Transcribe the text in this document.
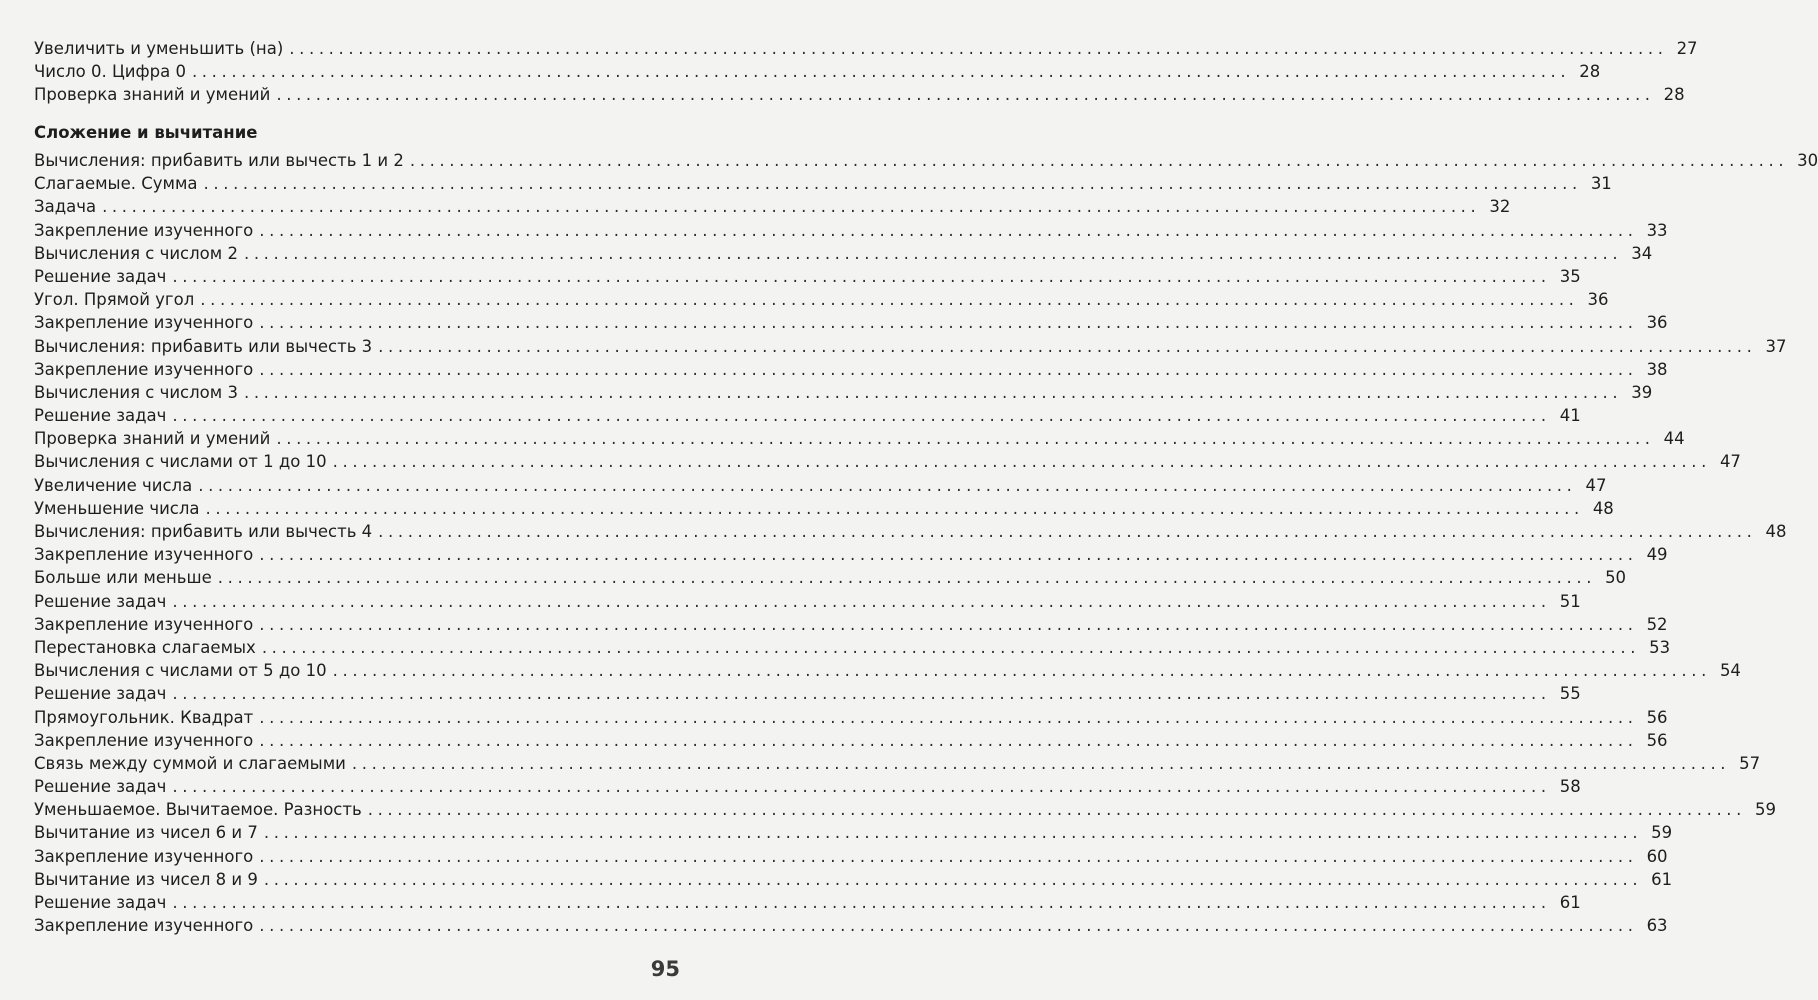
Увеличить и уменьшить (на) ............................................................................................................................................ 27
Число 0. Цифра 0 ............................................................................................................................................ 28
Проверка знаний и умений ............................................................................................................................................ 28
Сложение и вычитание
Вычисления: прибавить или вычесть 1 и 2 ............................................................................................................................................ 30
Слагаемые. Сумма ............................................................................................................................................ 31
Задача ............................................................................................................................................ 32
Закрепление изученного ............................................................................................................................................ 33
Вычисления с числом 2 ............................................................................................................................................ 34
Решение задач ............................................................................................................................................ 35
Угол. Прямой угол ............................................................................................................................................ 36
Закрепление изученного ............................................................................................................................................ 36
Вычисления: прибавить или вычесть 3 ............................................................................................................................................ 37
Закрепление изученного ............................................................................................................................................ 38
Вычисления с числом 3 ............................................................................................................................................ 39
Решение задач ............................................................................................................................................ 41
Проверка знаний и умений ............................................................................................................................................ 44
Вычисления с числами от 1 до 10 ............................................................................................................................................ 47
Увеличение числа ............................................................................................................................................ 47
Уменьшение числа ............................................................................................................................................ 48
Вычисления: прибавить или вычесть 4 ............................................................................................................................................ 48
Закрепление изученного ............................................................................................................................................ 49
Больше или меньше ............................................................................................................................................ 50
Решение задач ............................................................................................................................................ 51
Закрепление изученного ............................................................................................................................................ 52
Перестановка слагаемых ............................................................................................................................................ 53
Вычисления с числами от 5 до 10 ............................................................................................................................................ 54
Решение задач ............................................................................................................................................ 55
Прямоугольник. Квадрат ............................................................................................................................................ 56
Закрепление изученного ............................................................................................................................................ 56
Связь между суммой и слагаемыми ............................................................................................................................................ 57
Решение задач ............................................................................................................................................ 58
Уменьшаемое. Вычитаемое. Разность ............................................................................................................................................ 59
Вычитание из чисел 6 и 7 ............................................................................................................................................ 59
Закрепление изученного ............................................................................................................................................ 60
Вычитание из чисел 8 и 9 ............................................................................................................................................ 61
Решение задач ............................................................................................................................................ 61
Закрепление изученного ............................................................................................................................................ 63
95
